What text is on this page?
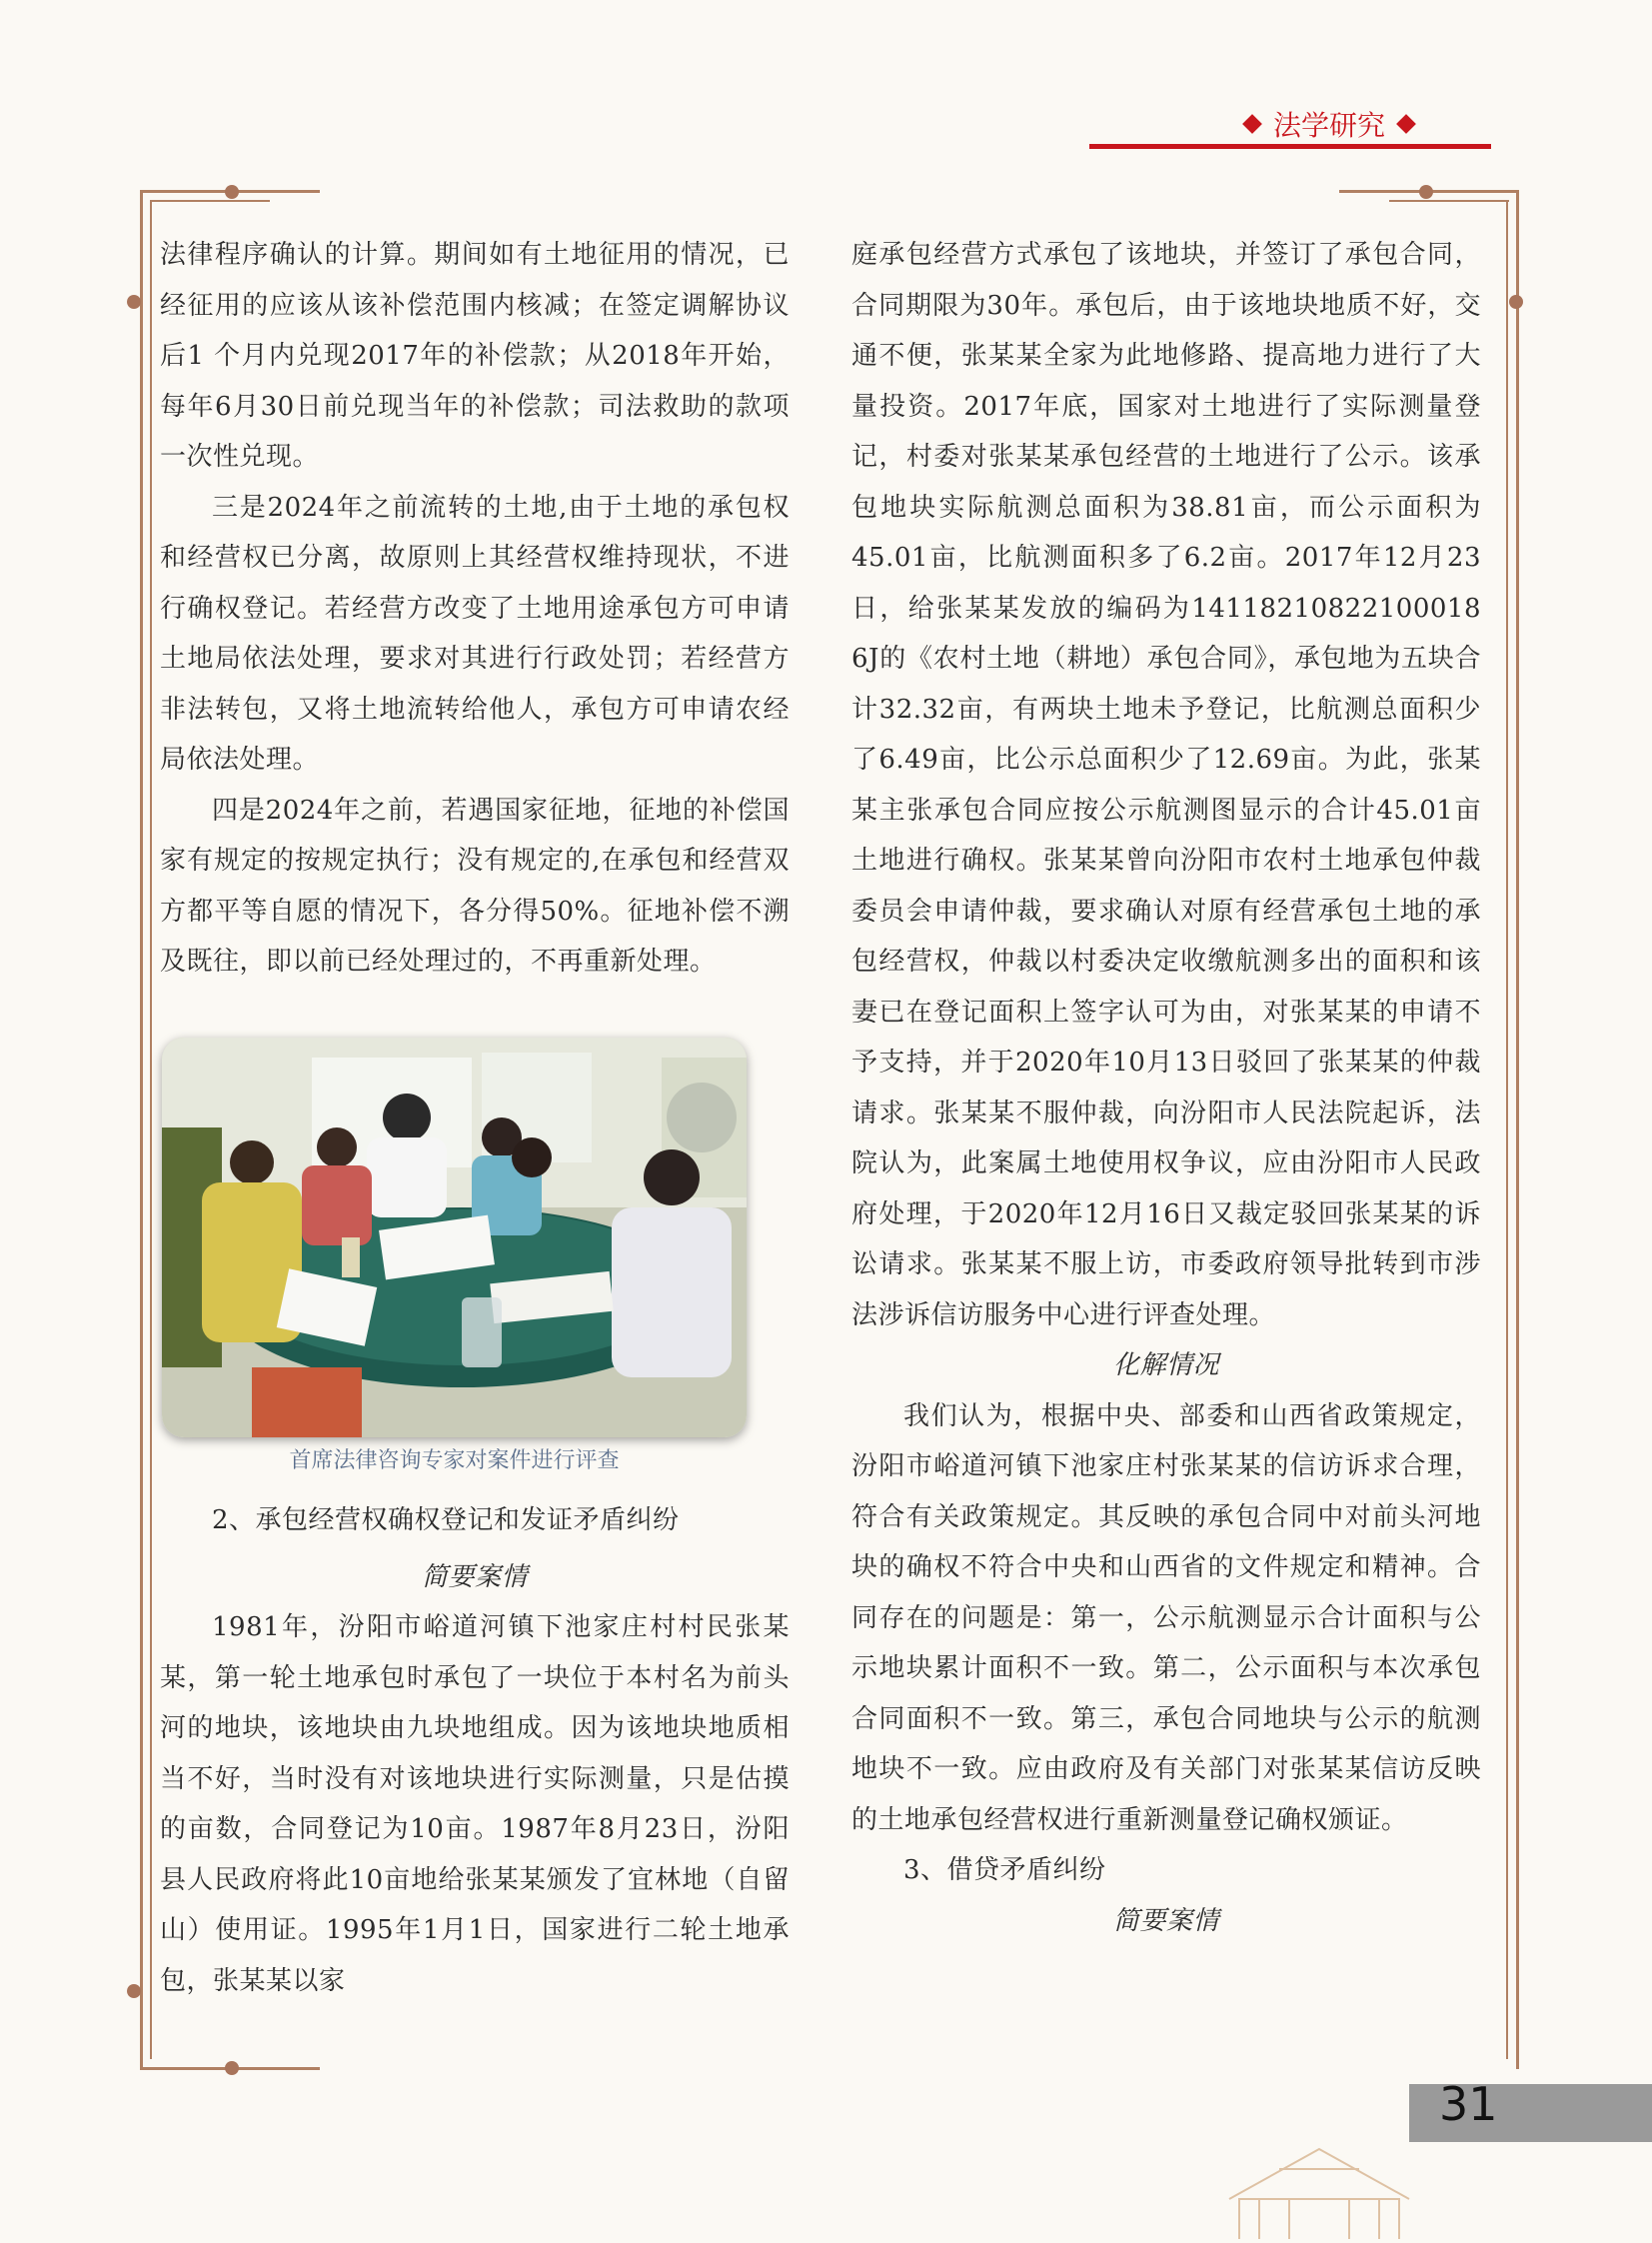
法学研究

法律程序确认的计算。期间如有土地征用的情况，已经征用的应该从该补偿范围内核减；在签定调解协议后1 个月内兑现2017年的补偿款；从2018年开始，每年6月30日前兑现当年的补偿款；司法救助的款项一次性兑现。

三是2024年之前流转的土地,由于土地的承包权和经营权已分离，故原则上其经营权维持现状，不进行确权登记。若经营方改变了土地用途承包方可申请土地局依法处理，要求对其进行行政处罚；若经营方非法转包，又将土地流转给他人，承包方可申请农经局依法处理。

四是2024年之前，若遇国家征地，征地的补偿国家有规定的按规定执行；没有规定的,在承包和经营双方都平等自愿的情况下，各分得50%。征地补偿不溯及既往，即以前已经处理过的，不再重新处理。

首席法律咨询专家对案件进行评查

2、承包经营权确权登记和发证矛盾纠纷

简要案情

1981年，汾阳市峪道河镇下池家庄村村民张某某，第一轮土地承包时承包了一块位于本村名为前头河的地块，该地块由九块地组成。因为该地块地质相当不好，当时没有对该地块进行实际测量，只是估摸的亩数，合同登记为10亩。1987年8月23日，汾阳县人民政府将此10亩地给张某某颁发了宜林地（自留山）使用证。1995年1月1日，国家进行二轮土地承包，张某某以家

庭承包经营方式承包了该地块，并签订了承包合同，合同期限为30年。承包后，由于该地块地质不好，交通不便，张某某全家为此地修路、提高地力进行了大量投资。2017年底，国家对土地进行了实际测量登记，村委对张某某承包经营的土地进行了公示。该承包地块实际航测总面积为38.81亩，而公示面积为45.01亩，比航测面积多了6.2亩。2017年12月23日，给张某某发放的编码为14118210822100018​6J的《农村土地（耕地）承包合同》，承包地为五块合计32.32亩，有两块土地未予登记，比航测总面积少了6.49亩，比公示总面积少了12.69亩。为此，张某某主张承包合同应按公示航测图显示的合计45.01亩土地进行确权。张某某曾向汾阳市农村土地承包仲裁委员会申请仲裁，要求确认对原有经营承包土地的承包经营权，仲裁以村委决定收缴航测多出的面积和该妻已在登记面积上签字认可为由，对张某某的申请不予支持，并于2020年10月13日驳回了张某某的仲裁请求。张某某不服仲裁，向汾阳市人民法院起诉，法院认为，此案属土地使用权争议，应由汾阳市人民政府处理，于2020年12月16日又裁定驳回张某某的诉讼请求。张某某不服上访，市委政府领导批转到市涉法涉诉信访服务中心进行评查处理。

化解情况

我们认为，根据中央、部委和山西省政策规定，汾阳市峪道河镇下池家庄村张某某的信访诉求合理，符合有关政策规定。其反映的承包合同中对前头河地块的确权不符合中央和山西省的文件规定和精神。合同存在的问题是：第一，公示航测显示合计面积与公示地块累计面积不一致。第二，公示面积与本次承包合同面积不一致。第三，承包合同地块与公示的航测地块不一致。应由政府及有关部门对张某某信访反映的土地承包经营权进行重新测量登记确权颁证。

3、借贷矛盾纠纷

简要案情

31
